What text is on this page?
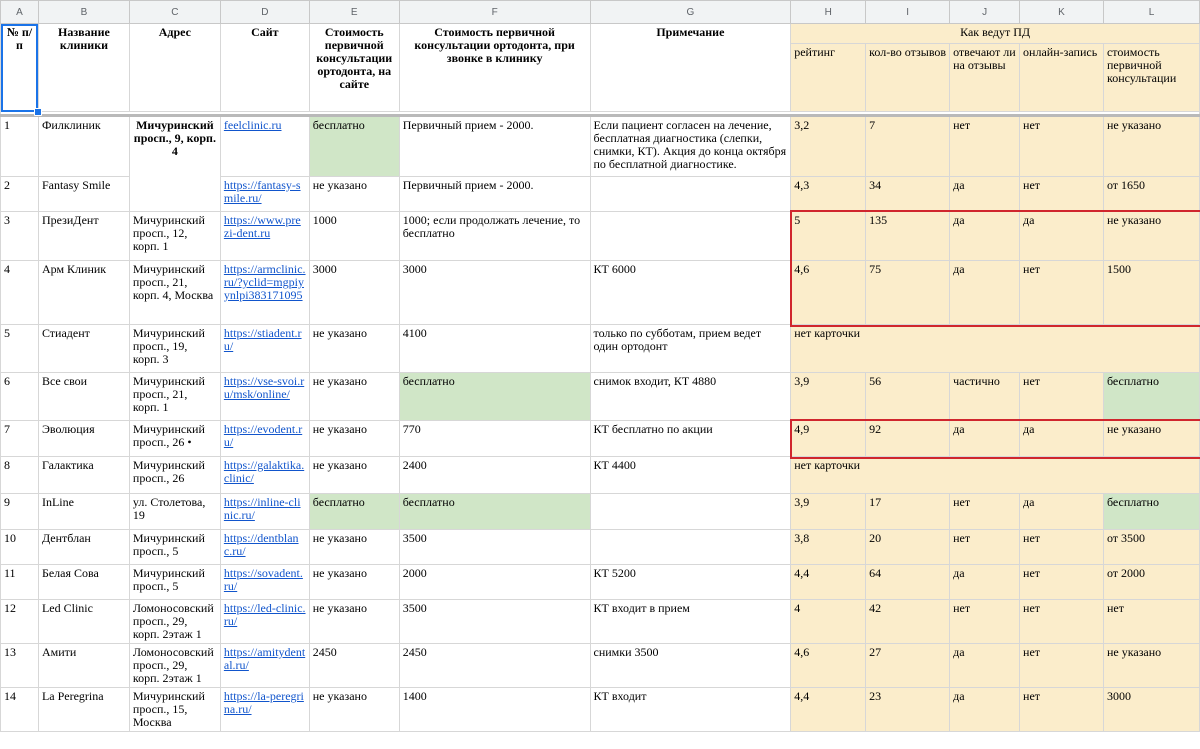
A	B	C	D	E	F	G	H	I	J	K	L
№ п/п	Название клиники	Адрес	Сайт	Стоимость первичной консультации ортодонта, на сайте	Стоимость первичной консультации ортодонта, при звонке в клинику	Примечание	Как ведут ПД				
							рейтинг	кол-во отзывов	отвечают ли на отзывы	онлайн-запись	стоимость первичной консультации

1	Филклиник	Мичуринский просп., 9, корп. 4	feelclinic.ru	бесплатно	Первичный прием - 2000.	Если пациент согласен на лечение, бесплатная диагностика (слепки, снимки, КТ). Акция до конца октября по бесплатной диагностике.	3,2	7	нет	нет	не указано
2	Fantasy Smile		https://fantasy-smile.ru/	не указано	Первичный прием - 2000.		4,3	34	да	нет	от 1650
3	ПрезиДент	Мичуринский просп., 12, корп. 1	https://www.prezi-dent.ru	1000	1000; если продолжать лечение, то бесплатно		5	135	да	да	не указано
4	Арм Клиник	Мичуринский просп., 21, корп. 4, Москва	https://armclinic.ru/?yclid=mgpiyynlpi383171095	3000	3000	КТ 6000	4,6	75	да	нет	1500
5	Стиадент	Мичуринский просп., 19, корп. 3	https://stiadent.ru/	не указано	4100	только по субботам, прием ведет один ортодонт	нет карточки				
6	Все свои	Мичуринский просп., 21, корп. 1	https://vse-svoi.ru/msk/online/	не указано	бесплатно	снимок входит, КТ 4880	3,9	56	частично	нет	бесплатно
7	Эволюция	Мичуринский просп., 26 •	https://evodent.ru/	не указано	770	КТ бесплатно по акции	4,9	92	да	да	не указано
8	Галактика	Мичуринский просп., 26	https://galaktika.clinic/	не указано	2400	КТ 4400	нет карточки				
9	InLine	ул. Столетова, 19	https://inline-clinic.ru/	бесплатно	бесплатно		3,9	17	нет	да	бесплатно
10	Дентблан	Мичуринский просп., 5	https://dentblanc.ru/	не указано	3500		3,8	20	нет	нет	от 3500
11	Белая Сова	Мичуринский просп., 5	https://sovadent.ru/	не указано	2000	КТ 5200	4,4	64	да	нет	от 2000
12	Led Clinic	Ломоносовский просп., 29, корп. 2этаж 1	https://led-clinic.ru/	не указано	3500	КТ входит в прием	4	42	нет	нет	нет
13	Амити	Ломоносовский просп., 29, корп. 2этаж 1	https://amitydental.ru/	2450	2450	снимки 3500	4,6	27	да	нет	не указано
14	La Peregrina	Мичуринский просп., 15, Москва	https://la-peregrina.ru/	не указано	1400	КТ входит	4,4	23	да	нет	3000
